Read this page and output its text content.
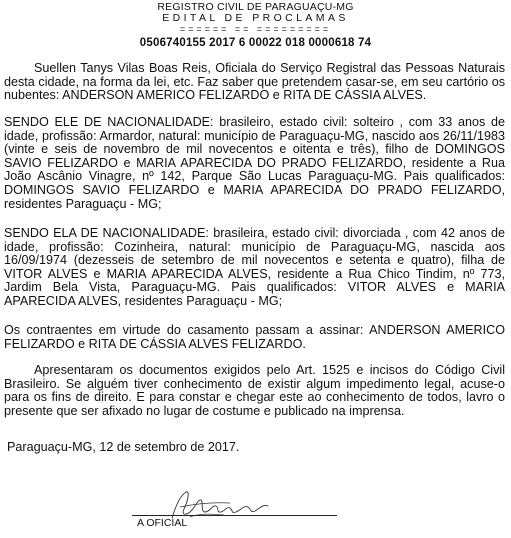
REGISTRO CIVIL DE PARAGUAÇU-MG
EDITAL DE PROCLAMAS
====== == =========
0506740155 2017 6 00022 018 0000618 74

Suellen Tanys Vilas Boas Reis, Oficiala do Serviço Registral das Pessoas Naturais desta cidade, na forma da lei, etc. Faz saber que pretendem casar-se, em seu cartório os nubentes: ANDERSON AMERICO FELIZARDO e RITA DE CÁSSIA ALVES.

SENDO ELE DE NACIONALIDADE: brasileiro, estado civil: solteiro , com 33 anos de idade, profissão: Armardor, natural: município de Paraguaçu-MG, nascido aos 26/11/1983 (vinte e seis de novembro de mil novecentos e oitenta e três), filho de DOMINGOS SAVIO FELIZARDO e MARIA APARECIDA DO PRADO FELIZARDO, residente a Rua João Ascânio Vinagre, nº 142, Parque São Lucas Paraguaçu-MG. Pais qualificados: DOMINGOS SAVIO FELIZARDO e MARIA APARECIDA DO PRADO FELIZARDO, residentes Paraguaçu - MG;

SENDO ELA DE NACIONALIDADE: brasileira, estado civil: divorciada , com 42 anos de idade, profissão: Cozinheira, natural: município de Paraguaçu-MG, nascida aos 16/09/1974 (dezesseis de setembro de mil novecentos e setenta e quatro), filha de VITOR ALVES e MARIA APARECIDA ALVES, residente a Rua Chico Tindim, nº 773, Jardim Bela Vista, Paraguaçu-MG. Pais qualificados: VITOR ALVES e MARIA APARECIDA ALVES, residentes Paraguaçu - MG;

Os contraentes em virtude do casamento passam a assinar: ANDERSON AMERICO FELIZARDO e RITA DE CÁSSIA ALVES FELIZARDO.

Apresentaram os documentos exigidos pelo Art. 1525 e incisos do Código Civil Brasileiro. Se alguém tiver conhecimento de existir algum impedimento legal, acuse-o para os fins de direito. E para constar e chegar este ao conhecimento de todos, lavro o presente que ser afixado no lugar de costume e publicado na imprensa.

Paraguaçu-MG, 12 de setembro de 2017.

A OFICIAL
